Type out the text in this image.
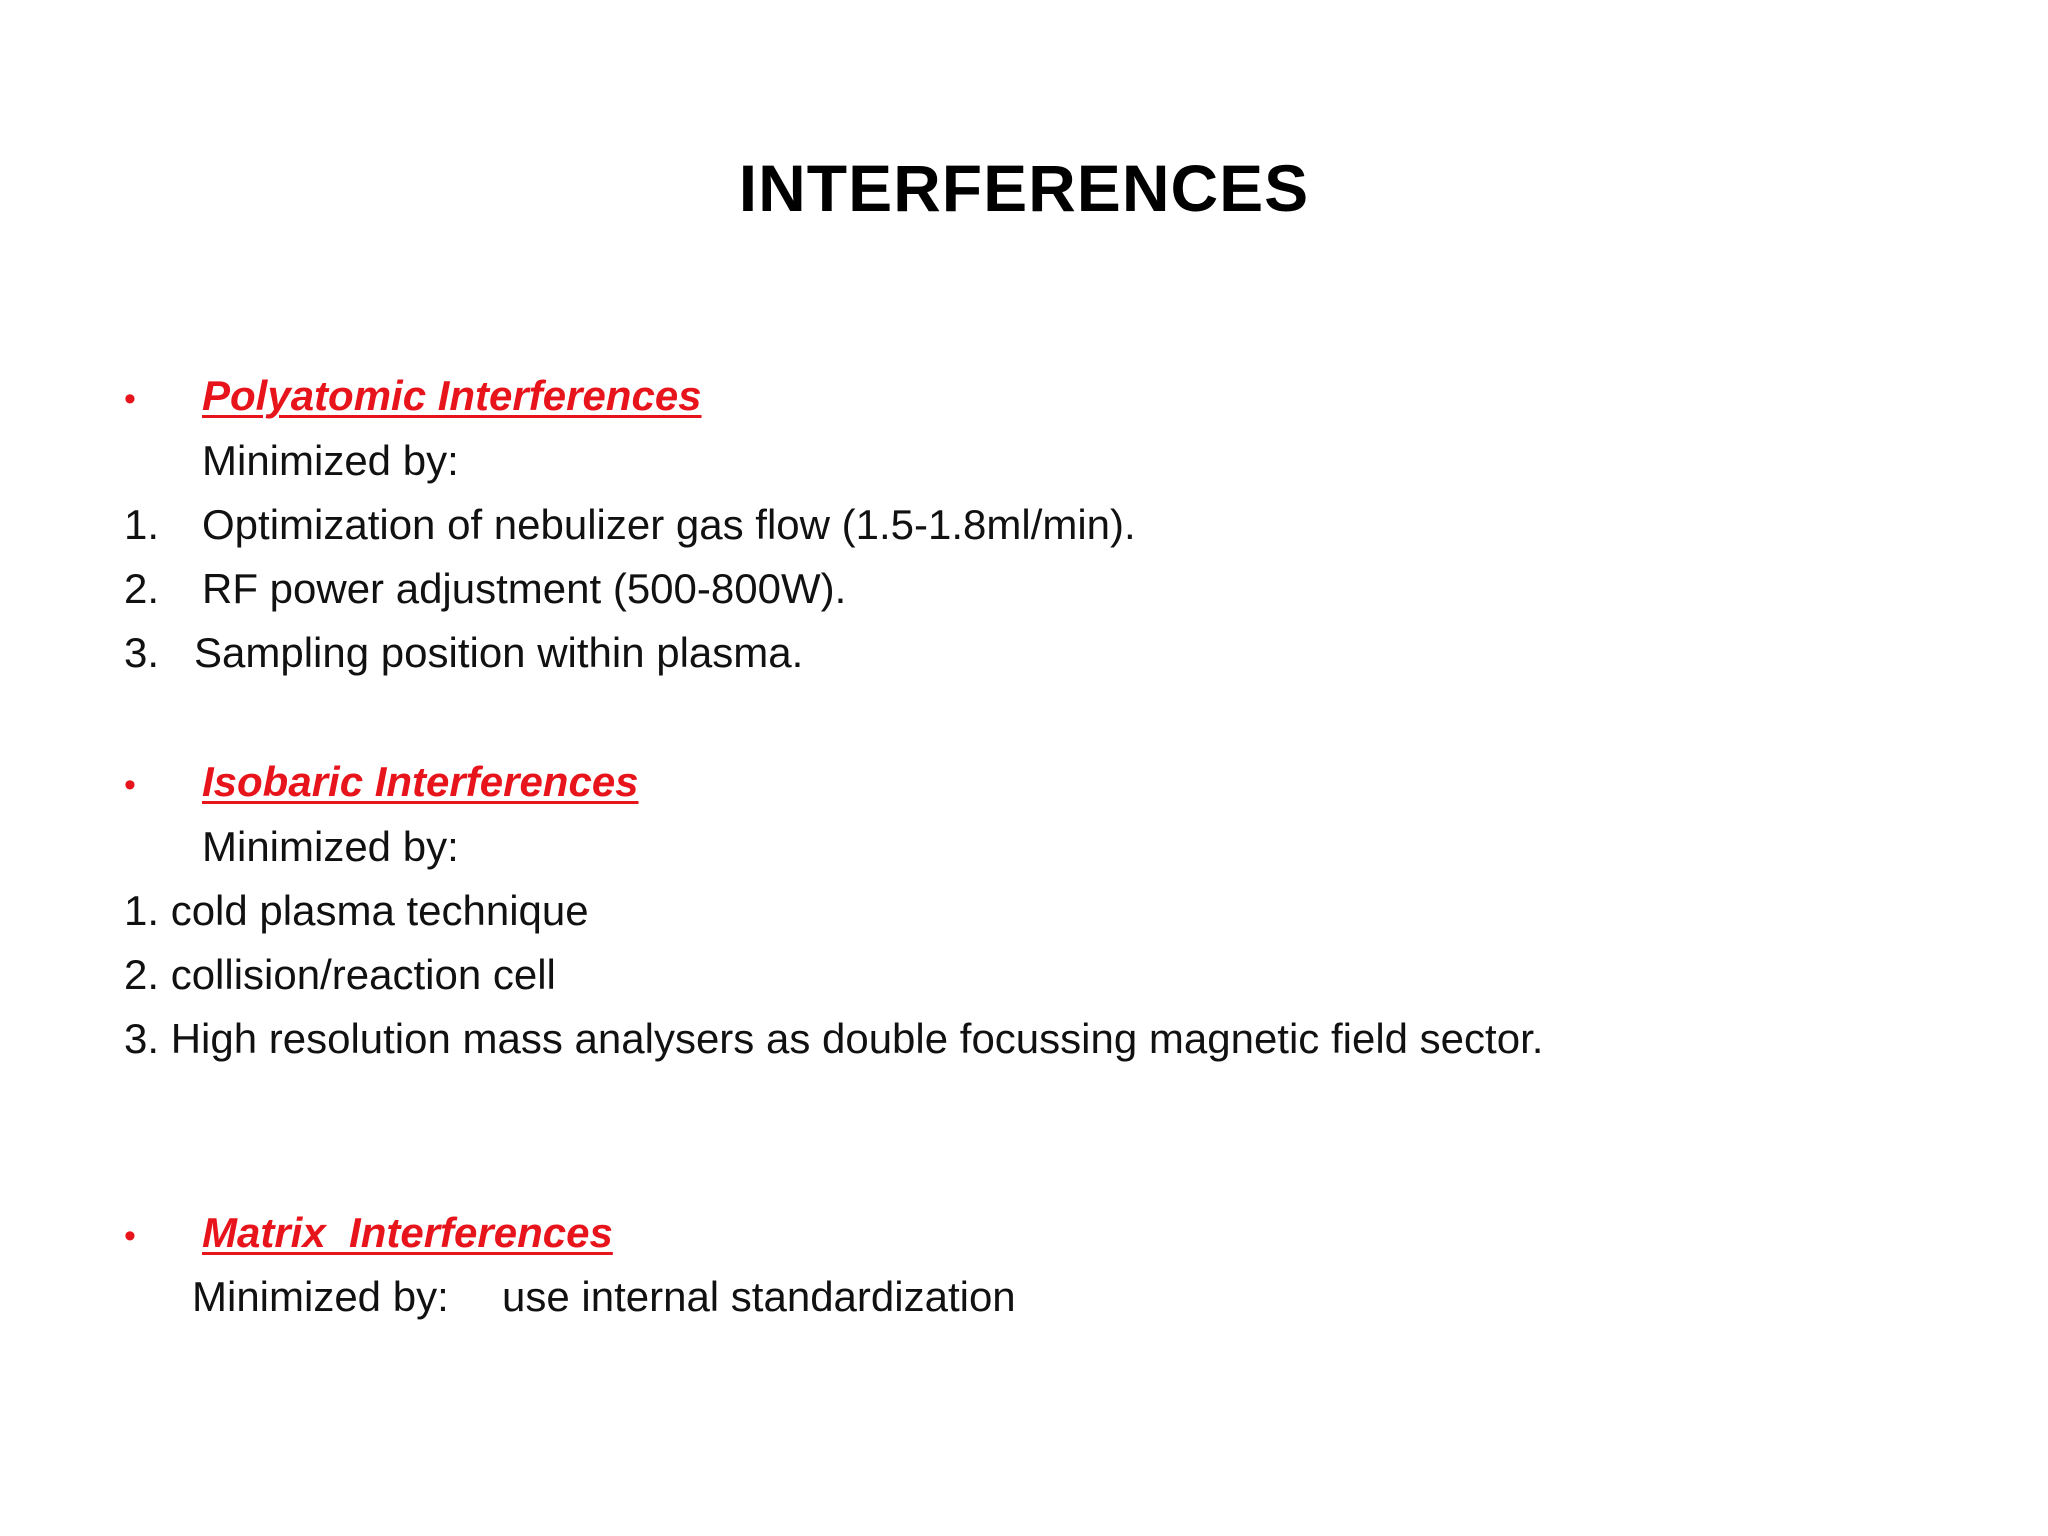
INTERFERENCES
• Polyatomic Interferences
Minimized by:
1. Optimization of nebulizer gas flow (1.5-1.8ml/min).
2. RF power adjustment (500-800W).
3. Sampling position within plasma.
• Isobaric Interferences
Minimized by:
1. cold plasma technique
2. collision/reaction cell
3. High resolution mass analysers as double focussing magnetic field sector.
• Matrix  Interferences
Minimized by: use internal standardization
